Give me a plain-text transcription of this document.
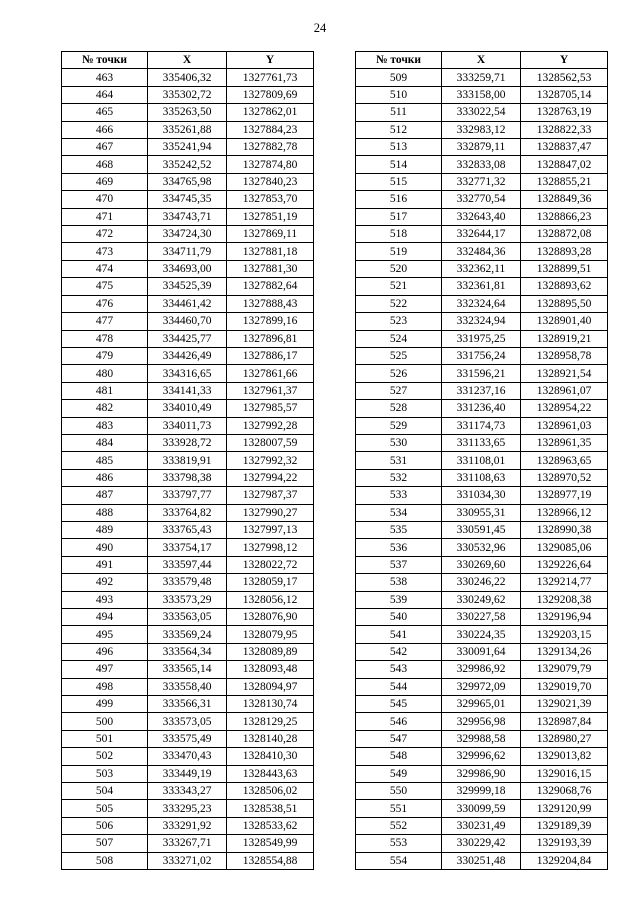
24
№ точки	X	Y
463	335406,32	1327761,73
464	335302,72	1327809,69
465	335263,50	1327862,01
466	335261,88	1327884,23
467	335241,94	1327882,78
468	335242,52	1327874,80
469	334765,98	1327840,23
470	334745,35	1327853,70
471	334743,71	1327851,19
472	334724,30	1327869,11
473	334711,79	1327881,18
474	334693,00	1327881,30
475	334525,39	1327882,64
476	334461,42	1327888,43
477	334460,70	1327899,16
478	334425,77	1327896,81
479	334426,49	1327886,17
480	334316,65	1327861,66
481	334141,33	1327961,37
482	334010,49	1327985,57
483	334011,73	1327992,28
484	333928,72	1328007,59
485	333819,91	1327992,32
486	333798,38	1327994,22
487	333797,77	1327987,37
488	333764,82	1327990,27
489	333765,43	1327997,13
490	333754,17	1327998,12
491	333597,44	1328022,72
492	333579,48	1328059,17
493	333573,29	1328056,12
494	333563,05	1328076,90
495	333569,24	1328079,95
496	333564,34	1328089,89
497	333565,14	1328093,48
498	333558,40	1328094,97
499	333566,31	1328130,74
500	333573,05	1328129,25
501	333575,49	1328140,28
502	333470,43	1328410,30
503	333449,19	1328443,63
504	333343,27	1328506,02
505	333295,23	1328538,51
506	333291,92	1328533,62
507	333267,71	1328549,99
508	333271,02	1328554,88
№ точки	X	Y
509	333259,71	1328562,53
510	333158,00	1328705,14
511	333022,54	1328763,19
512	332983,12	1328822,33
513	332879,11	1328837,47
514	332833,08	1328847,02
515	332771,32	1328855,21
516	332770,54	1328849,36
517	332643,40	1328866,23
518	332644,17	1328872,08
519	332484,36	1328893,28
520	332362,11	1328899,51
521	332361,81	1328893,62
522	332324,64	1328895,50
523	332324,94	1328901,40
524	331975,25	1328919,21
525	331756,24	1328958,78
526	331596,21	1328921,54
527	331237,16	1328961,07
528	331236,40	1328954,22
529	331174,73	1328961,03
530	331133,65	1328961,35
531	331108,01	1328963,65
532	331108,63	1328970,52
533	331034,30	1328977,19
534	330955,31	1328966,12
535	330591,45	1328990,38
536	330532,96	1329085,06
537	330269,60	1329226,64
538	330246,22	1329214,77
539	330249,62	1329208,38
540	330227,58	1329196,94
541	330224,35	1329203,15
542	330091,64	1329134,26
543	329986,92	1329079,79
544	329972,09	1329019,70
545	329965,01	1329021,39
546	329956,98	1328987,84
547	329988,58	1328980,27
548	329996,62	1329013,82
549	329986,90	1329016,15
550	329999,18	1329068,76
551	330099,59	1329120,99
552	330231,49	1329189,39
553	330229,42	1329193,39
554	330251,48	1329204,84
